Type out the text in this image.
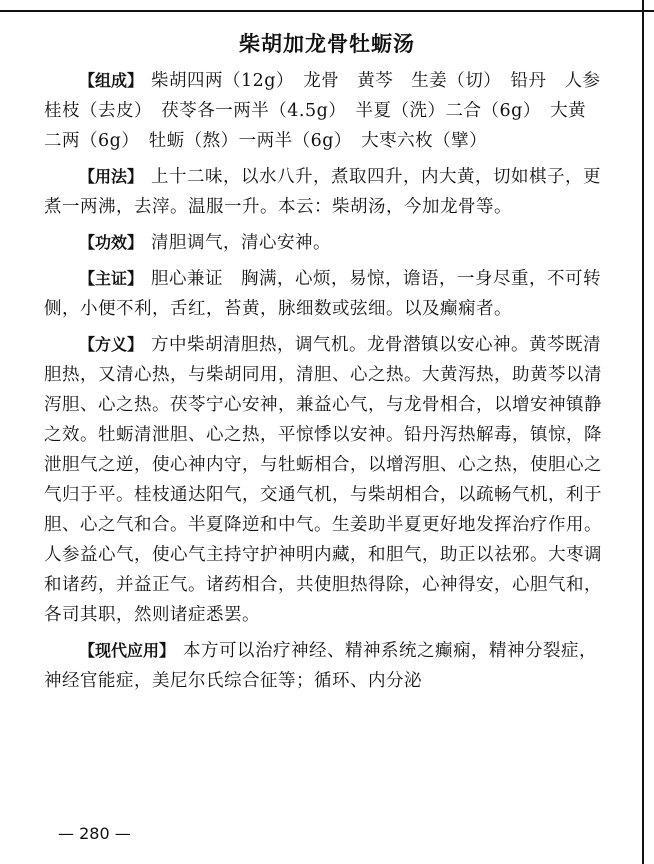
柴胡加龙骨牡蛎汤

【组成】 柴胡四两（12g）　龙骨　黄芩　生姜（切）　铅丹　人参　桂枝（去皮）　茯苓各一两半（4.5g）　半夏（洗）二合（6g）　大黄二两（6g）　牡蛎（熬）一两半（6g）　大枣六枚（擘）

【用法】 上十二味，以水八升，煮取四升，内大黄，切如棋子，更煮一两沸，去滓。温服一升。本云：柴胡汤，今加龙骨等。

【功效】 清胆调气，清心安神。

【主证】 胆心兼证　胸满，心烦，易惊，谵语，一身尽重，不可转侧，小便不利，舌红，苔黄，脉细数或弦细。以及癫痫者。

【方义】 方中柴胡清胆热，调气机。龙骨潜镇以安心神。黄芩既清胆热，又清心热，与柴胡同用，清胆、心之热。大黄泻热，助黄芩以清泻胆、心之热。茯苓宁心安神，兼益心气，与龙骨相合，以增安神镇静之效。牡蛎清泄胆、心之热，平惊悸以安神。铅丹泻热解毒，镇惊，降泄胆气之逆，使心神内守，与牡蛎相合，以增泻胆、心之热，使胆心之气归于平。桂枝通达阳气，交通气机，与柴胡相合，以疏畅气机，利于胆、心之气和合。半夏降逆和中气。生姜助半夏更好地发挥治疗作用。人参益心气，使心气主持守护神明内藏，和胆气，助正以祛邪。大枣调和诸药，并益正气。诸药相合，共使胆热得除，心神得安，心胆气和，各司其职，然则诸症悉罢。

【现代应用】 本方可以治疗神经、精神系统之癫痫，精神分裂症，神经官能症，美尼尔氏综合征等；循环、内分泌

— 280 —
